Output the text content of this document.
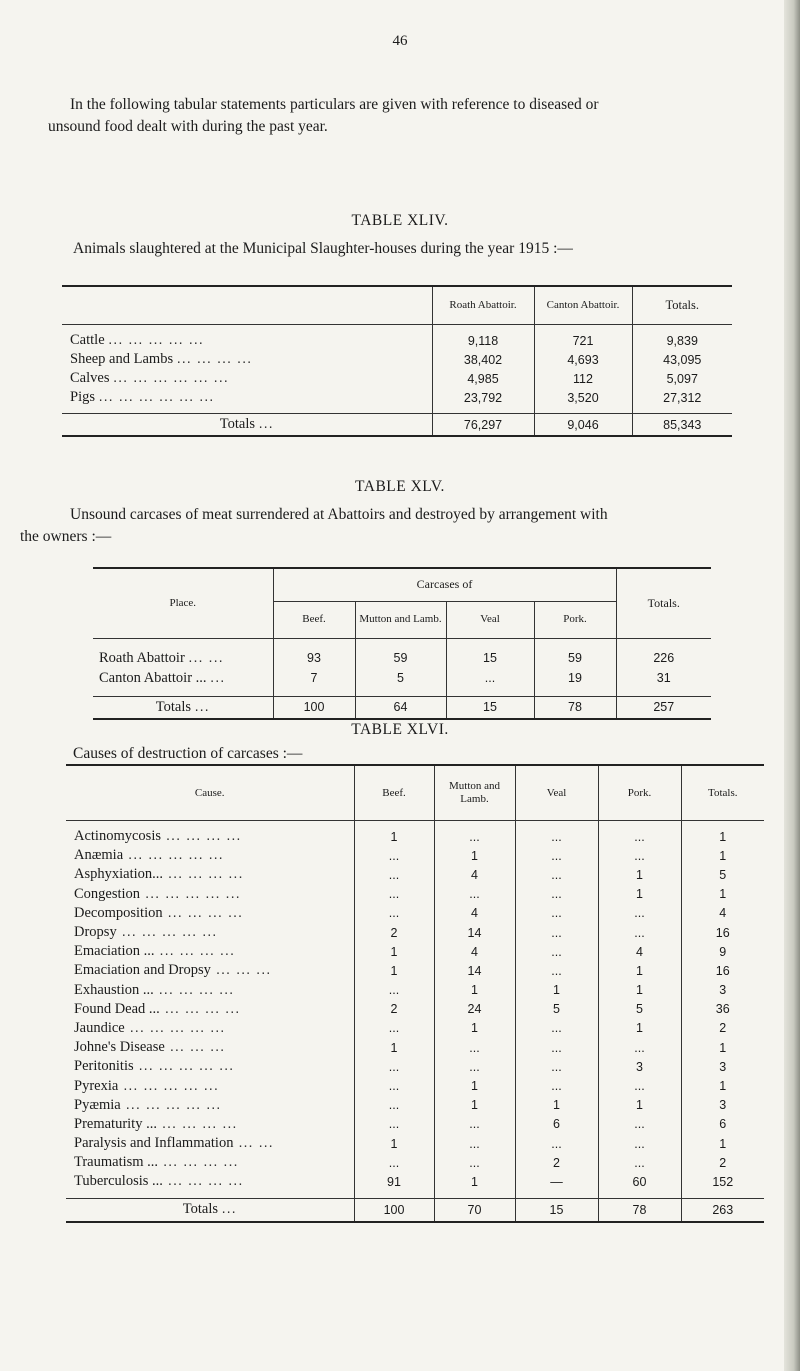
46
In the following tabular statements particulars are given with reference to diseased or
unsound food dealt with during the past year.
TABLE XLIV.
Animals slaughtered at the Municipal Slaughter-houses during the year 1915 :—
	Roath Abattoir.	Canton Abattoir.	Totals.

Cattle ... ... ... ... ...	9,118	721	9,839
Sheep and Lambs ... ... ... ...	38,402	4,693	43,095
Calves ... ... ... ... ... ...	4,985	112	5,097
Pigs ... ... ... ... ... ...	23,792	3,520	27,312

Totals ...	76,297	9,046	85,343
TABLE XLV.
Unsound carcases of meat surrendered at Abattoirs and destroyed by arrangement with
the owners :—
Place.	Carcases of				Totals.
	Beef.	Mutton and Lamb.	Veal	Pork.	

Roath Abattoir ... ...	93	59	15	59	226
Canton Abattoir ... ...	7	5	...	19	31

Totals ...	100	64	15	78	257
TABLE XLVI.
Causes of destruction of carcases :—
Cause.	Beef.	Mutton and Lamb.	Veal	Pork.	Totals.

Actinomycosis ... ... ... ...	1	...	...	...	1
Anæmia ... ... ... ... ...	...	1	...	...	1
Asphyxiation... ... ... ... ...	...	4	...	1	5
Congestion ... ... ... ... ...	...	...	...	1	1
Decomposition ... ... ... ...	...	4	...	...	4
Dropsy ... ... ... ... ...	2	14	...	...	16
Emaciation ... ... ... ... ...	1	4	...	4	9
Emaciation and Dropsy ... ... ...	1	14	...	1	16
Exhaustion ... ... ... ... ...	...	1	1	1	3
Found Dead ... ... ... ... ...	2	24	5	5	36
Jaundice ... ... ... ... ...	...	1	...	1	2
Johne's Disease ... ... ...	1	...	...	...	1
Peritonitis ... ... ... ... ...	...	...	...	3	3
Pyrexia ... ... ... ... ...	...	1	...	...	1
Pyæmia ... ... ... ... ...	...	1	1	1	3
Prematurity ... ... ... ... ...	...	...	6	...	6
Paralysis and Inflammation ... ...	1	...	...	...	1
Traumatism ... ... ... ... ...	...	...	2	...	2
Tuberculosis ... ... ... ... ...	91	1	—	60	152

Totals ...	100	70	15	78	263
